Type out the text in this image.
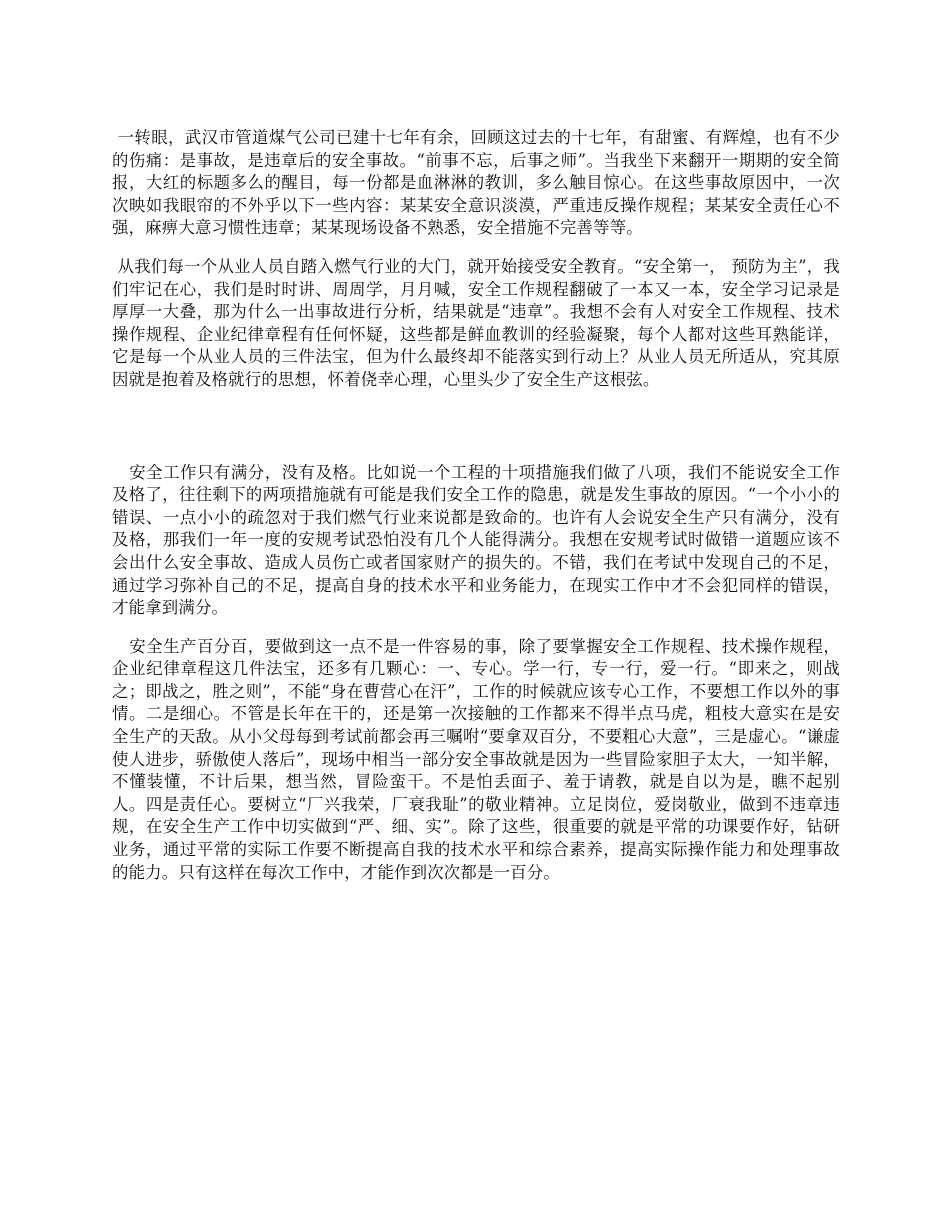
一转眼，武汉市管道煤气公司已建十七年有余，回顾这过去的十七年，有甜蜜、有辉煌，也有不少的伤痛：是事故，是违章后的安全事故。“前事不忘，后事之师”。当我坐下来翻开一期期的安全简报，大红的标题多么的醒目，每一份都是血淋淋的教训，多么触目惊心。在这些事故原因中，一次次映如我眼帘的不外乎以下一些内容：某某安全意识淡漠，严重违反操作规程；某某安全责任心不强，麻痹大意习惯性违章；某某现场设备不熟悉，安全措施不完善等等。

从我们每一个从业人员自踏入燃气行业的大门，就开始接受安全教育。“安全第一， 预防为主”，我们牢记在心，我们是时时讲、周周学，月月喊，安全工作规程翻破了一本又一本，安全学习记录是厚厚一大叠，那为什么一出事故进行分析，结果就是“违章”。我想不会有人对安全工作规程、技术操作规程、企业纪律章程有任何怀疑，这些都是鲜血教训的经验凝聚，每个人都对这些耳熟能详，它是每一个从业人员的三件法宝，但为什么最终却不能落实到行动上？从业人员无所适从，究其原因就是抱着及格就行的思想，怀着侥幸心理，心里头少了安全生产这根弦。

安全工作只有满分，没有及格。比如说一个工程的十项措施我们做了八项，我们不能说安全工作及格了，往往剩下的两项措施就有可能是我们安全工作的隐患，就是发生事故的原因。“一个小小的错误、一点小小的疏忽对于我们燃气行业来说都是致命的。也许有人会说安全生产只有满分，没有及格，那我们一年一度的安规考试恐怕没有几个人能得满分。我想在安规考试时做错一道题应该不会出什么安全事故、造成人员伤亡或者国家财产的损失的。不错，我们在考试中发现自己的不足，通过学习弥补自己的不足，提高自身的技术水平和业务能力，在现实工作中才不会犯同样的错误，才能拿到满分。

安全生产百分百，要做到这一点不是一件容易的事，除了要掌握安全工作规程、技术操作规程，企业纪律章程这几件法宝，还多有几颗心：一、专心。学一行，专一行，爱一行。“即来之，则战之；即战之，胜之则”，不能“身在曹营心在汗”，工作的时候就应该专心工作，不要想工作以外的事情。二是细心。不管是长年在干的，还是第一次接触的工作都来不得半点马虎，粗枝大意实在是安全生产的天敌。从小父母每到考试前都会再三嘱咐“要拿双百分，不要粗心大意”，三是虚心。“谦虚使人进步，骄傲使人落后”，现场中相当一部分安全事故就是因为一些冒险家胆子太大，一知半解，不懂装懂，不计后果，想当然，冒险蛮干。不是怕丢面子、羞于请教，就是自以为是，瞧不起别人。四是责任心。要树立“厂兴我荣，厂衰我耻”的敬业精神。立足岗位，爱岗敬业，做到不违章违规，在安全生产工作中切实做到“严、细、实”。除了这些，很重要的就是平常的功课要作好，钻研业务，通过平常的实际工作要不断提高自我的技术水平和综合素养，提高实际操作能力和处理事故的能力。只有这样在每次工作中，才能作到次次都是一百分。
